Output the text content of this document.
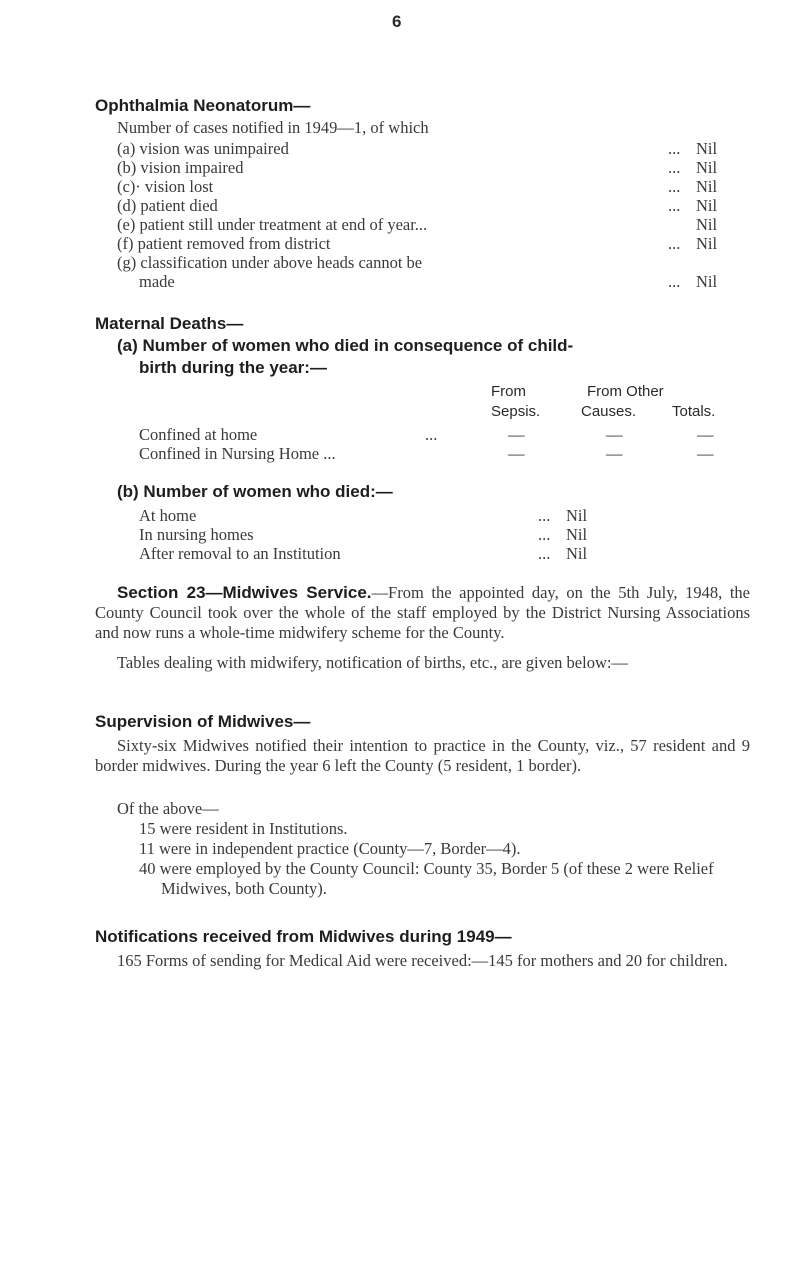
6
Ophthalmia Neonatorum—
Number of cases notified in 1949—1, of which
(a) vision was unimpaired	... Nil
(b) vision impaired	... Nil
(c)· vision lost	... Nil
(d) patient died	... Nil
(e) patient still under treatment at end of year...	Nil
(f) patient removed from district	... Nil
(g) classification under above heads cannot be
made	... Nil
Maternal Deaths—
(a) Number of women who died in consequence of child-
birth during the year:—
From	From Other
Sepsis.	Causes. Totals.
Confined at home	...	—	—	—
Confined in Nursing Home ...	—	—	—
(b) Number of women who died:—
At home	... Nil
In nursing homes	... Nil
After removal to an Institution	... Nil
Section 23—Midwives Service.—From the appointed day, on the 5th July, 1948, the County Council took over the whole of the staff employed by the District Nursing Associations and now runs a whole-time midwifery scheme for the County.
Tables dealing with midwifery, notification of births, etc., are given below:—
Supervision of Midwives—
Sixty-six Midwives notified their intention to practice in the County, viz., 57 resident and 9 border midwives. During the year 6 left the County (5 resident, 1 border).
Of the above—
15 were resident in Institutions.
11 were in independent practice (County—7, Border—4).
40 were employed by the County Council: County 35, Border 5 (of these 2 were Relief Midwives, both County).
Notifications received from Midwives during 1949—
165 Forms of sending for Medical Aid were received:—145 for mothers and 20 for children.
